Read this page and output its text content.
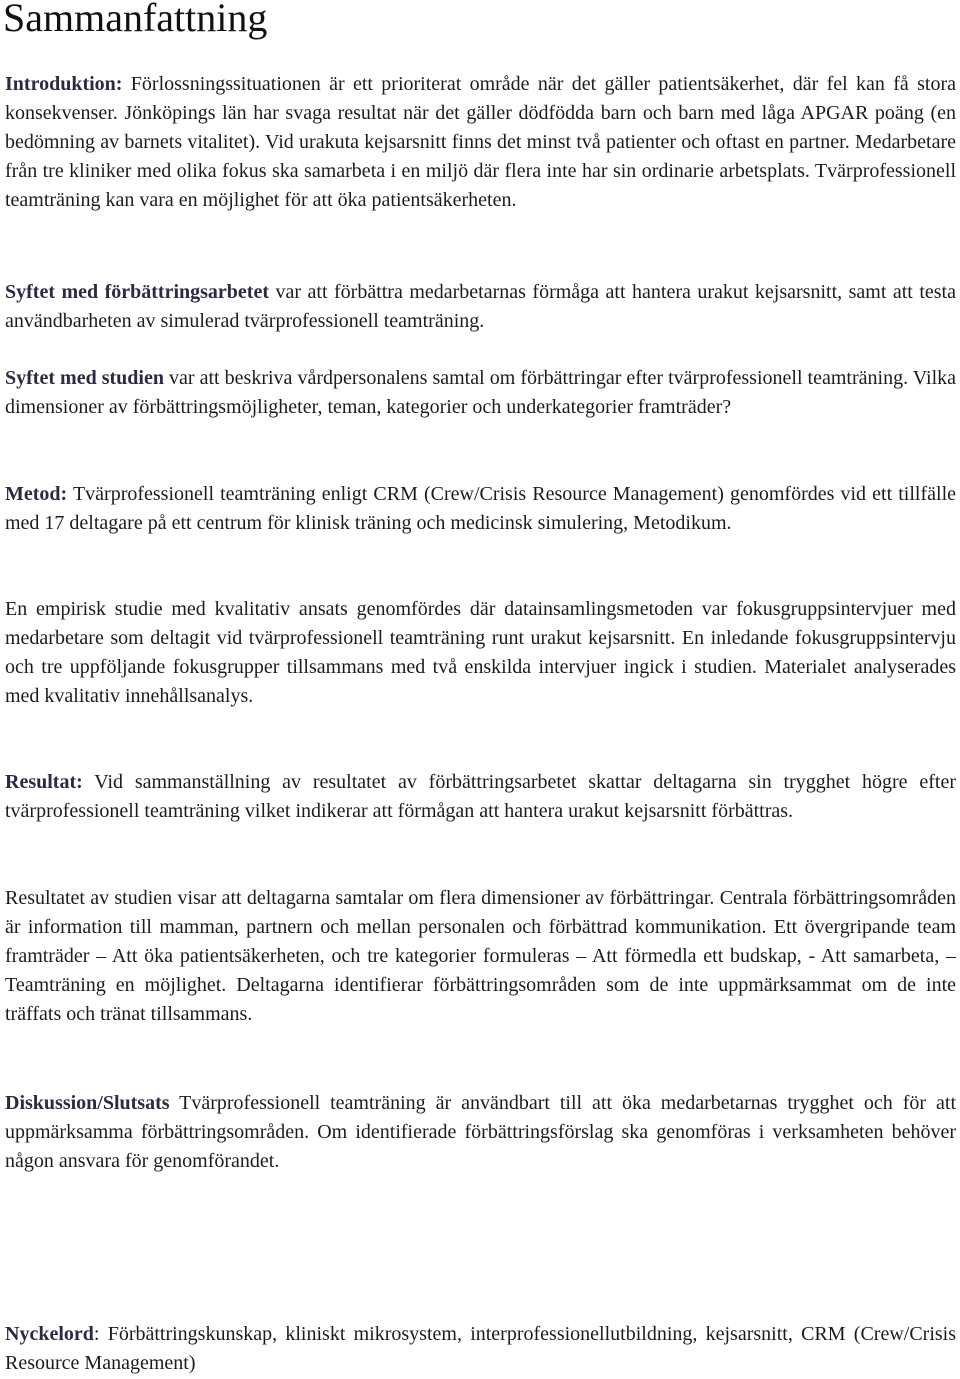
Sammanfattning

Introduktion: Förlossningssituationen är ett prioriterat område när det gäller patientsäkerhet, där fel kan få stora konsekvenser. Jönköpings län har svaga resultat när det gäller dödfödda barn och barn med låga APGAR poäng (en bedömning av barnets vitalitet). Vid urakuta kejsarsnitt finns det minst två patienter och oftast en partner. Medarbetare från tre kliniker med olika fokus ska samarbeta i en miljö där flera inte har sin ordinarie arbetsplats. Tvärprofessionell teamträning kan vara en möjlighet för att öka patientsäkerheten.

Syftet med förbättringsarbetet var att förbättra medarbetarnas förmåga att hantera urakut kejsarsnitt, samt att testa användbarheten av simulerad tvärprofessionell teamträning.

Syftet med studien var att beskriva vårdpersonalens samtal om förbättringar efter tvärprofessionell teamträning. Vilka dimensioner av förbättringsmöjligheter, teman, kategorier och underkategorier framträder?

Metod: Tvärprofessionell teamträning enligt CRM (Crew/Crisis Resource Management) genomfördes vid ett tillfälle med 17 deltagare på ett centrum för klinisk träning och medicinsk simulering, Metodikum.

En empirisk studie med kvalitativ ansats genomfördes där datainsamlingsmetoden var fokusgruppsintervjuer med medarbetare som deltagit vid tvärprofessionell teamträning runt urakut kejsarsnitt. En inledande fokusgruppsintervju och tre uppföljande fokusgrupper tillsammans med två enskilda intervjuer ingick i studien. Materialet analyserades med kvalitativ innehållsanalys.

Resultat: Vid sammanställning av resultatet av förbättringsarbetet skattar deltagarna sin trygghet högre efter tvärprofessionell teamträning vilket indikerar att förmågan att hantera urakut kejsarsnitt förbättras.

Resultatet av studien visar att deltagarna samtalar om flera dimensioner av förbättringar. Centrala förbättringsområden är information till mamman, partnern och mellan personalen och förbättrad kommunikation. Ett övergripande team framträder – Att öka patientsäkerheten, och tre kategorier formuleras – Att förmedla ett budskap, - Att samarbeta, – Teamträning en möjlighet. Deltagarna identifierar förbättringsområden som de inte uppmärksammat om de inte träffats och tränat tillsammans.

Diskussion/Slutsats Tvärprofessionell teamträning är användbart till att öka medarbetarnas trygghet och för att uppmärksamma förbättringsområden. Om identifierade förbättringsförslag ska genomföras i verksamheten behöver någon ansvara för genomförandet.

Nyckelord: Förbättringskunskap, kliniskt mikrosystem, interprofessionellutbildning, kejsarsnitt, CRM (Crew/Crisis Resource Management)
